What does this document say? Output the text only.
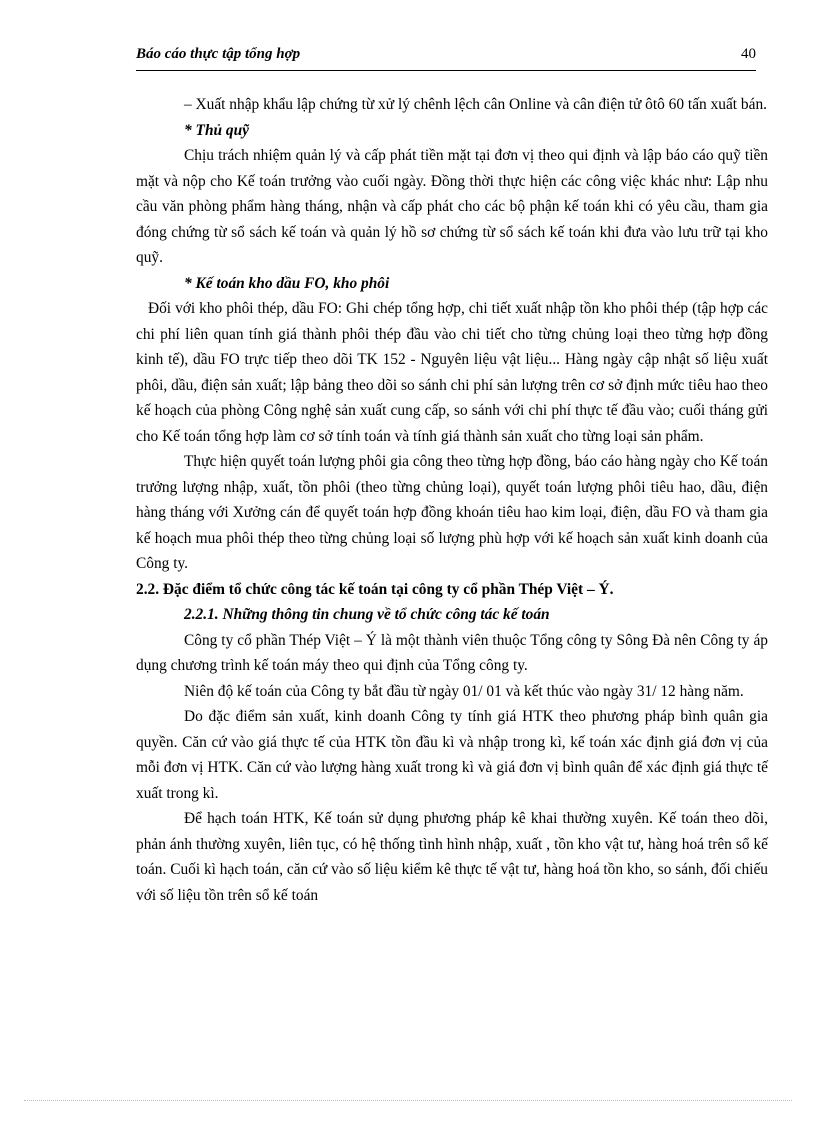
Báo cáo thực tập tổng hợp	40

– Xuất nhập khẩu lập chứng từ xử lý chênh lệch cân Online và cân điện tử ôtô 60 tấn xuất bán.

* Thủ quỹ

Chịu trách nhiệm quản lý và cấp phát tiền mặt tại đơn vị theo qui định và lập báo cáo quỹ tiền mặt và nộp cho Kế toán trưởng vào cuối ngày. Đồng thời thực hiện các công việc khác như: Lập nhu cầu văn phòng phẩm hàng tháng, nhận và cấp phát cho các bộ phận kế toán khi có yêu cầu, tham gia đóng chứng từ sổ sách kế toán và quản lý hồ sơ chứng từ sổ sách kế toán khi đưa vào lưu trữ tại kho quỹ.

* Kế toán kho dầu FO, kho phôi

Đối với kho phôi thép, dầu FO: Ghi chép tổng hợp, chi tiết xuất nhập tồn kho phôi thép (tập hợp các chi phí liên quan tính giá thành phôi thép đầu vào chi tiết cho từng chủng loại theo từng hợp đồng kinh tế), dầu FO trực tiếp theo dõi TK 152 - Nguyên liệu vật liệu... Hàng ngày cập nhật số liệu xuất phôi, dầu, điện sản xuất; lập bảng theo dõi so sánh chi phí sản lượng trên cơ sở định mức tiêu hao theo kế hoạch của phòng Công nghệ sản xuất cung cấp, so sánh với chi phí thực tế đầu vào; cuối tháng gửi cho Kế toán tổng hợp làm cơ sở tính toán và tính giá thành sản xuất cho từng loại sản phẩm.

Thực hiện quyết toán lượng phôi gia công theo từng hợp đồng, báo cáo hàng ngày cho Kế toán trưởng lượng nhập, xuất, tồn phôi (theo từng chủng loại), quyết toán lượng phôi tiêu hao, dầu, điện hàng tháng với Xưởng cán để quyết toán hợp đồng khoán tiêu hao kim loại, điện, dầu FO và tham gia kế hoạch mua phôi thép theo từng chủng loại số lượng phù hợp với kế hoạch sản xuất kinh doanh của Công ty.

2.2. Đặc điểm tổ chức công tác kế toán tại công ty cổ phần Thép Việt – Ý.

2.2.1. Những thông tin chung về tổ chức công tác kế toán

Công ty cổ phần Thép Việt – Ý là một thành viên thuộc Tổng công ty Sông Đà nên Công ty áp dụng chương trình kế toán máy theo qui định của Tổng công ty.

Niên độ kế toán của Công ty bắt đầu từ ngày 01/ 01 và kết thúc vào ngày 31/ 12 hàng năm.

Do đặc điểm sản xuất, kinh doanh Công ty tính giá HTK theo phương pháp bình quân gia quyền. Căn cứ vào giá thực tế của HTK tồn đầu kì và nhập trong kì, kế toán xác định giá đơn vị của mỗi đơn vị HTK. Căn cứ vào lượng hàng xuất trong kì và giá đơn vị bình quân để xác định giá thực tế xuất trong kì.

Để hạch toán HTK, Kế toán sử dụng phương pháp kê khai thường xuyên. Kế toán theo dõi, phản ánh thường xuyên, liên tục, có hệ thống tình hình nhập, xuất , tồn kho vật tư, hàng hoá trên sổ kế toán. Cuối kì hạch toán, căn cứ vào số liệu kiểm kê thực tế vật tư, hàng hoá tồn kho, so sánh, đối chiếu với số liệu tồn trên sổ kế toán
